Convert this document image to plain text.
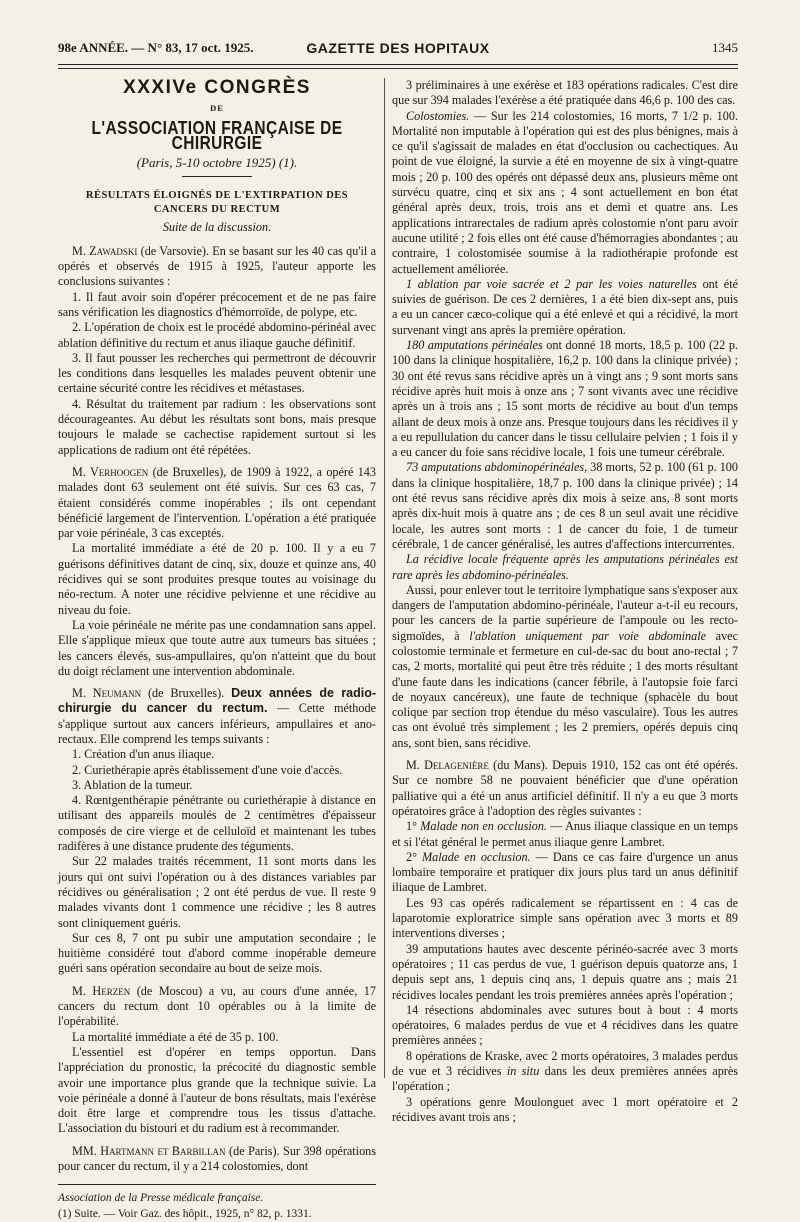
98e ANNÉE. — N° 83, 17 oct. 1925.	GAZETTE DES HOPITAUX	1345

XXXIVe CONGRÈS

DE

L'ASSOCIATION FRANÇAISE DE CHIRURGIE

(Paris, 5-10 octobre 1925) (1).

RÉSULTATS ÉLOIGNÉS DE L'EXTIRPATION DES CANCERS DU RECTUM

Suite de la discussion.

M. Zawadski (de Varsovie). En se basant sur les 40 cas qu'il a opérés et observés de 1915 à 1925, l'auteur apporte les conclusions suivantes :

1. Il faut avoir soin d'opérer précocement et de ne pas faire sans vérification les diagnostics d'hémorroïde, de polype, etc.

2. L'opération de choix est le procédé abdomino-périnéal avec ablation définitive du rectum et anus iliaque gauche définitif.

3. Il faut pousser les recherches qui permettront de découvrir les conditions dans lesquelles les malades peuvent obtenir une certaine sécurité contre les récidives et métastases.

4. Résultat du traitement par radium : les observations sont décourageantes. Au début les résultats sont bons, mais presque toujours le malade se cachectise rapidement surtout si les applications de radium ont été répétées.

M. Verhoogen (de Bruxelles), de 1909 à 1922, a opéré 143 malades dont 63 seulement ont été suivis. Sur ces 63 cas, 7 étaient considérés comme inopérables ; ils ont cependant bénéficié largement de l'intervention. L'opération a été pratiquée par voie périnéale, 3 cas exceptés.

La mortalité immédiate a été de 20 p. 100. Il y a eu 7 guérisons définitives datant de cinq, six, douze et quinze ans, 40 récidives qui se sont produites presque toutes au voisinage du néo-rectum. A noter une récidive pelvienne et une récidive au niveau du foie.

La voie périnéale ne mérite pas une condamnation sans appel. Elle s'applique mieux que toute autre aux tumeurs bas situées ; les cancers élevés, sus-ampullaires, qu'on n'atteint que du bout du doigt réclament une intervention abdominale.

M. Neumann (de Bruxelles). Deux années de radio-chirurgie du cancer du rectum. — Cette méthode s'applique surtout aux cancers inférieurs, ampullaires et ano-rectaux. Elle comprend les temps suivants :

1. Création d'un anus iliaque.

2. Curiethérapie après établissement d'une voie d'accès.

3. Ablation de la tumeur.

4. Rœntgenthérapie pénétrante ou curiethérapie à distance en utilisant des appareils moulés de 2 centimètres d'épaisseur composés de cire vierge et de celluloïd et maintenant les tubes radifères à une distance prudente des téguments.

Sur 22 malades traités récemment, 11 sont morts dans les jours qui ont suivi l'opération ou à des distances variables par récidives ou généralisation ; 2 ont été perdus de vue. Il reste 9 malades vivants dont 1 commence une récidive ; les 8 autres sont cliniquement guéris.

Sur ces 8, 7 ont pu subir une amputation secondaire ; le huitième considéré tout d'abord comme inopérable demeure guéri sans opération secondaire au bout de seize mois.

M. Herzen (de Moscou) a vu, au cours d'une année, 17 cancers du rectum dont 10 opérables ou à la limite de l'opérabilité.

La mortalité immédiate a été de 35 p. 100.

L'essentiel est d'opérer en temps opportun. Dans l'appréciation du pronostic, la précocité du diagnostic semble avoir une importance plus grande que la technique suivie. La voie périnéale a donné à l'auteur de bons résultats, mais l'exérèse doit être large et comprendre tous les tissus d'attache. L'association du bistouri et du radium est à recommander.

MM. Hartmann et Barbillan (de Paris). Sur 398 opérations pour cancer du rectum, il y a 214 colostomies, dont

Association de la Presse médicale française.

(1) Suite. — Voir Gaz. des hôpit., 1925, n° 82, p. 1331.

3 préliminaires à une exérèse et 183 opérations radicales. C'est dire que sur 394 malades l'exérèse a été pratiquée dans 46,6 p. 100 des cas.

Colostomies. — Sur les 214 colostomies, 16 morts, 7 1/2 p. 100. Mortalité non imputable à l'opération qui est des plus bénignes, mais à ce qu'il s'agissait de malades en état d'occlusion ou cachectiques. Au point de vue éloigné, la survie a été en moyenne de six à vingt-quatre mois ; 20 p. 100 des opérés ont dépassé deux ans, plusieurs même ont survécu quatre, cinq et six ans ; 4 sont actuellement en bon état général après deux, trois, trois ans et demi et quatre ans. Les applications intrarectales de radium après colostomie n'ont paru avoir aucune utilité ; 2 fois elles ont été cause d'hémorragies abondantes ; au contraire, 1 colostomisée soumise à la radiothérapie profonde est actuellement améliorée.

1 ablation par voie sacrée et 2 par les voies naturelles ont été suivies de guérison. De ces 2 dernières, 1 a été bien dix-sept ans, puis a eu un cancer cæco-colique qui a été enlevé et qui a récidivé, la mort survenant vingt ans après la première opération.

180 amputations périnéales ont donné 18 morts, 18,5 p. 100 (22 p. 100 dans la clinique hospitalière, 16,2 p. 100 dans la clinique privée) ; 30 ont été revus sans récidive après un à vingt ans ; 9 sont morts sans récidive après huit mois à onze ans ; 7 sont vivants avec une récidive après un à trois ans ; 15 sont morts de récidive au bout d'un temps allant de deux mois à onze ans. Presque toujours dans les récidives il y a eu repullulation du cancer dans le tissu cellulaire pelvien ; 1 fois il y a eu cancer du foie sans récidive locale, 1 fois une tumeur cérébrale.

73 amputations abdominopérinéales, 38 morts, 52 p. 100 (61 p. 100 dans la clinique hospitalière, 18,7 p. 100 dans la clinique privée) ; 14 ont été revus sans récidive après dix mois à seize ans, 8 sont morts après dix-huit mois à quatre ans ; de ces 8 un seul avait une récidive locale, les autres sont morts : 1 de cancer du foie, 1 de tumeur cérébrale, 1 de cancer généralisé, les autres d'affections intercurrentes.

La récidive locale fréquente après les amputations périnéales est rare après les abdomino-périnéales.

Aussi, pour enlever tout le territoire lymphatique sans s'exposer aux dangers de l'amputation abdomino-périnéale, l'auteur a-t-il eu recours, pour les cancers de la partie supérieure de l'ampoule ou les recto-sigmoïdes, à l'ablation uniquement par voie abdominale avec colostomie terminale et fermeture en cul-de-sac du bout ano-rectal ; 7 cas, 2 morts, mortalité qui peut être très réduite ; 1 des morts résultant d'une faute dans les indications (cancer fébrile, à l'autopsie foie farci de noyaux cancéreux), une faute de technique (sphacèle du bout colique par section trop étendue du méso vasculaire). Tous les autres cas ont évolué très simplement ; les 2 premiers, opérés depuis cinq ans, sont bien, sans récidive.

M. Delagenière (du Mans). Depuis 1910, 152 cas ont été opérés. Sur ce nombre 58 ne pouvaient bénéficier que d'une opération palliative qui a été un anus artificiel définitif. Il n'y a eu que 3 morts opératoires grâce à l'adoption des règles suivantes :

1° Malade non en occlusion. — Anus iliaque classique en un temps et si l'état général le permet anus iliaque genre Lambret.

2° Malade en occlusion. — Dans ce cas faire d'urgence un anus lombaire temporaire et pratiquer dix jours plus tard un anus définitif iliaque de Lambret.

Les 93 cas opérés radicalement se répartissent en : 4 cas de laparotomie exploratrice simple sans opération avec 3 morts et 89 interventions diverses ;

39 amputations hautes avec descente périnéo-sacrée avec 3 morts opératoires ; 11 cas perdus de vue, 1 guérison depuis quatorze ans, 1 depuis sept ans, 1 depuis cinq ans, 1 depuis quatre ans ; mais 21 récidives locales pendant les trois premières années après l'opération ;

14 résections abdominales avec sutures bout à bout : 4 morts opératoires, 6 malades perdus de vue et 4 récidives dans les quatre premières années ;

8 opérations de Kraske, avec 2 morts opératoires, 3 malades perdus de vue et 3 récidives in situ dans les deux premières années après l'opération ;

3 opérations genre Moulonguet avec 1 mort opératoire et 2 récidives avant trois ans ;
